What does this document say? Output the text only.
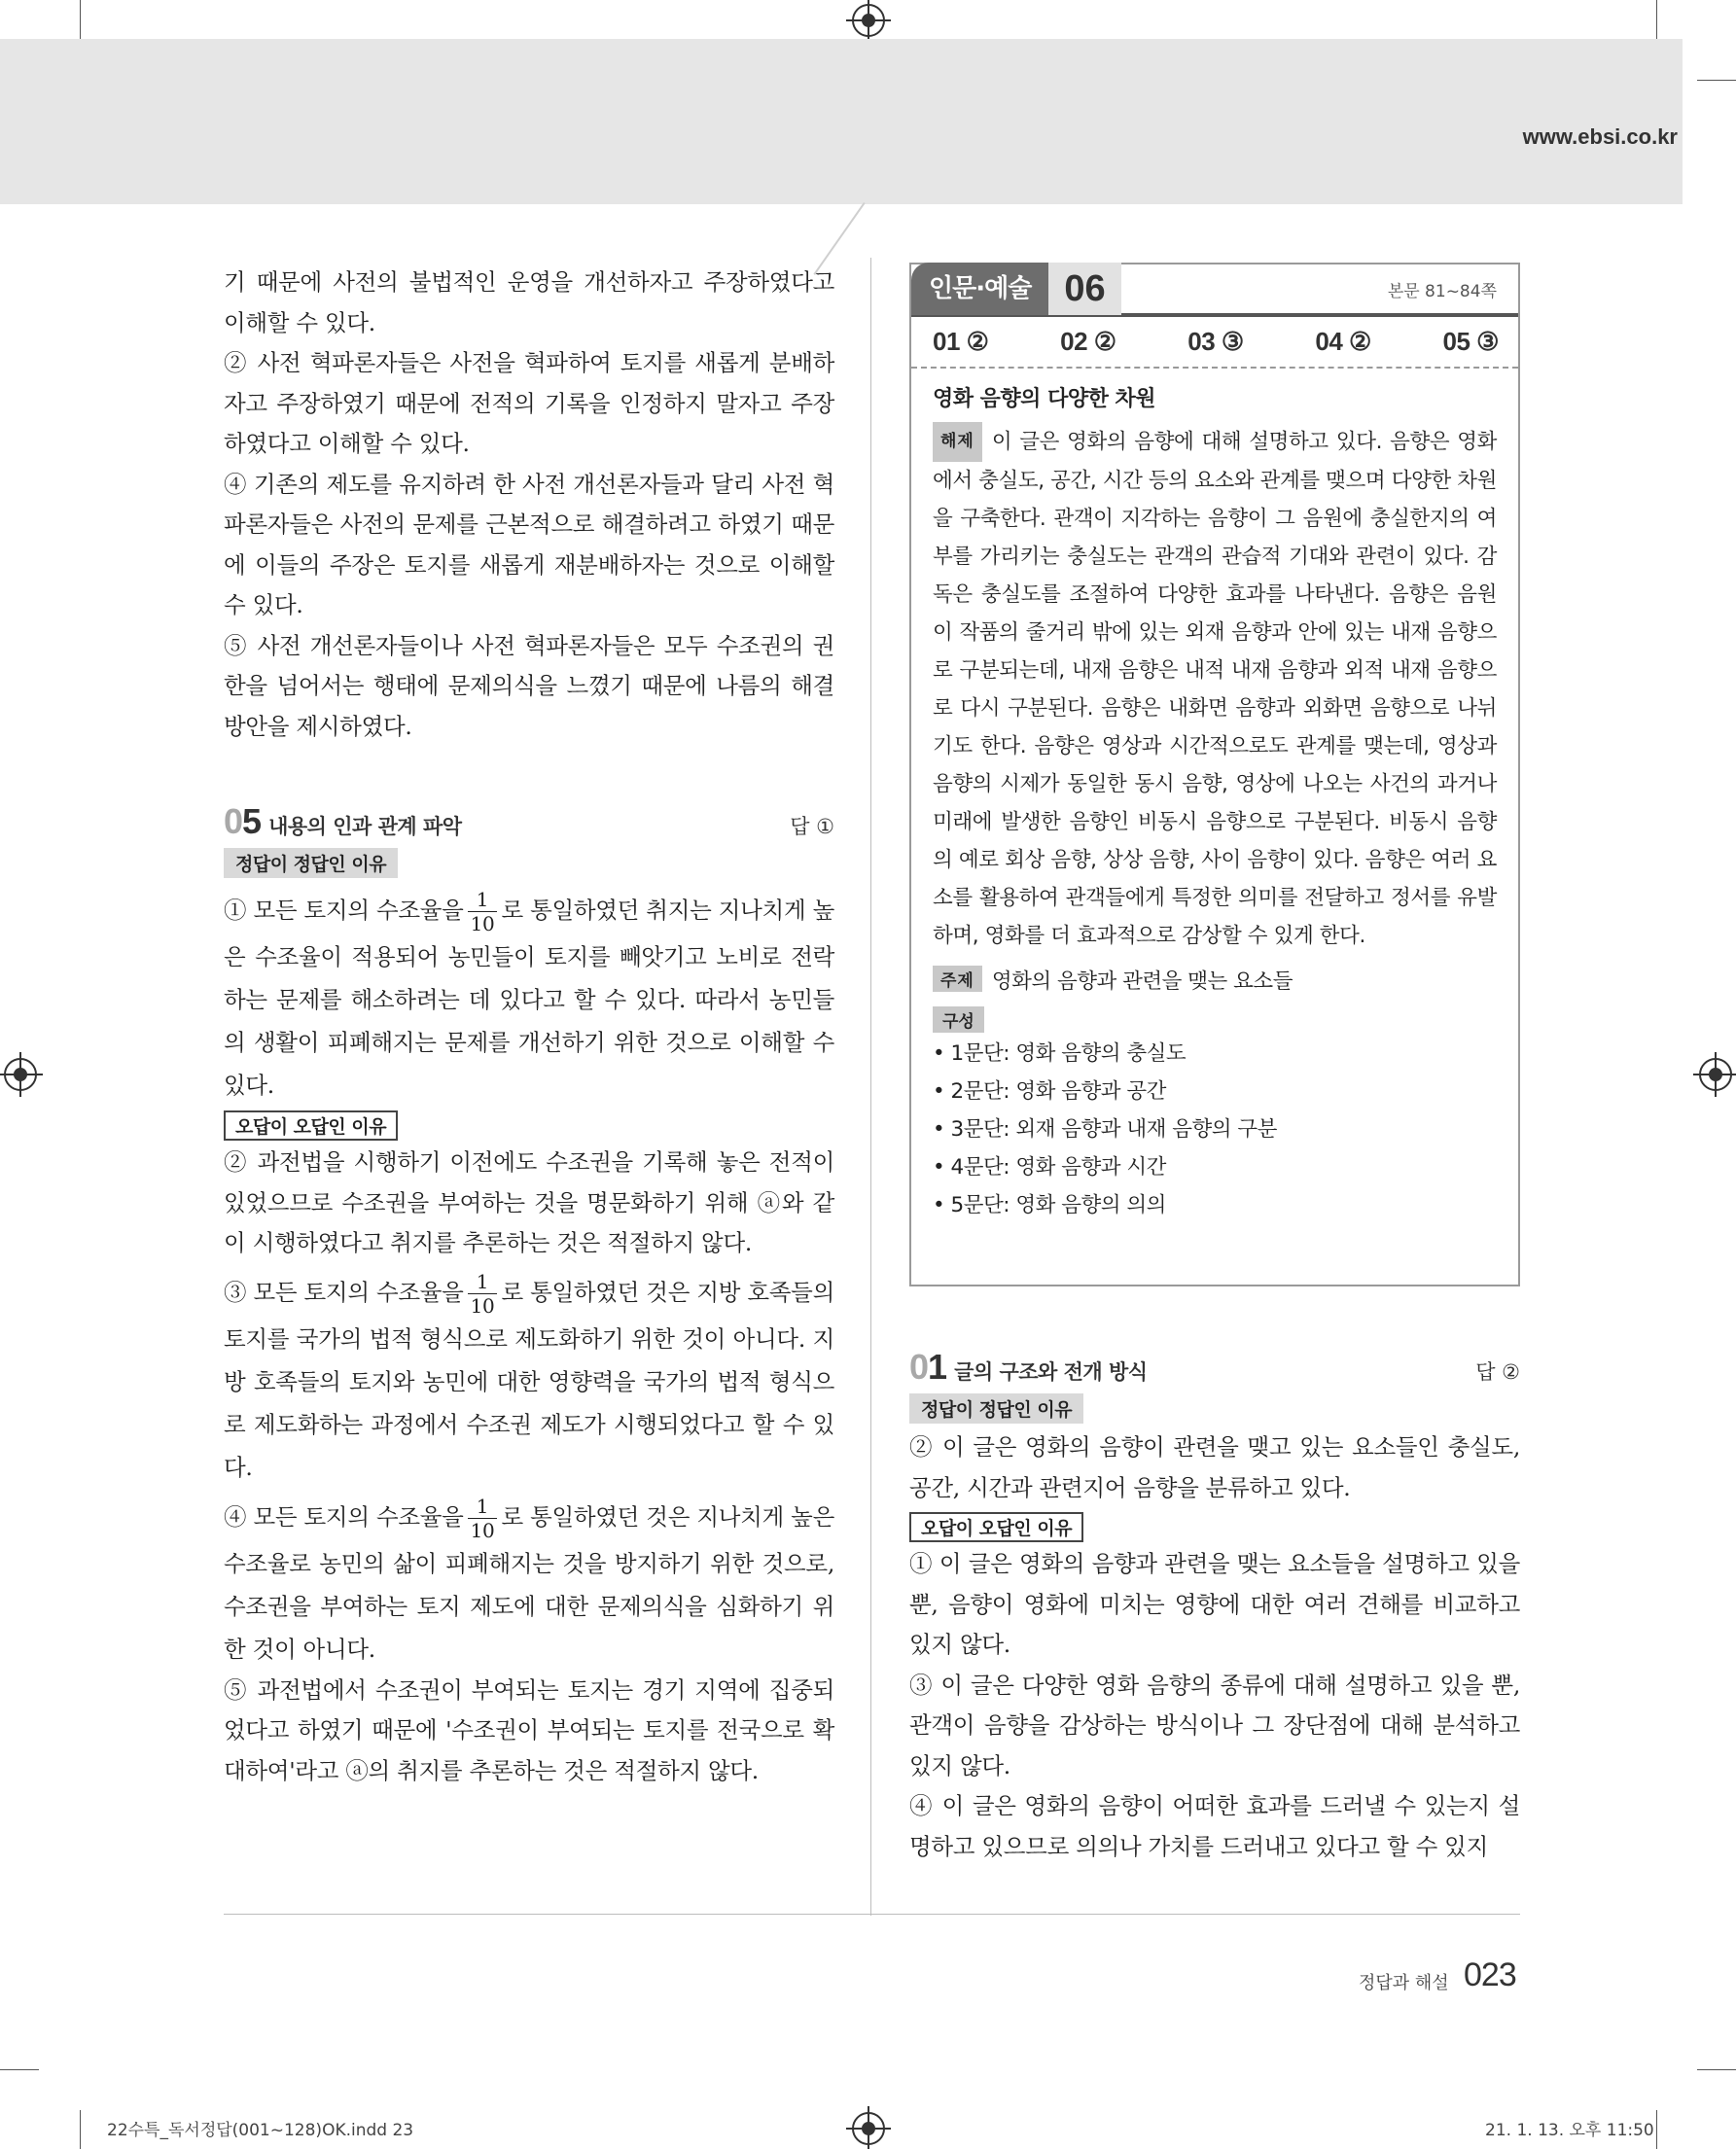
www.ebsi.co.kr

기 때문에 사전의 불법적인 운영을 개선하자고 주장하였다고 이해할 수 있다.

② 사전 혁파론자들은 사전을 혁파하여 토지를 새롭게 분배하자고 주장하였기 때문에 전적의 기록을 인정하지 말자고 주장하였다고 이해할 수 있다.

④ 기존의 제도를 유지하려 한 사전 개선론자들과 달리 사전 혁파론자들은 사전의 문제를 근본적으로 해결하려고 하였기 때문에 이들의 주장은 토지를 새롭게 재분배하자는 것으로 이해할 수 있다.

⑤ 사전 개선론자들이나 사전 혁파론자들은 모두 수조권의 권한을 넘어서는 행태에 문제의식을 느꼈기 때문에 나름의 해결 방안을 제시하였다.

05 내용의 인과 관계 파악	답 ①
정답이 정답인 이유

① 모든 토지의 수조율을 $\frac{1}{10}$ 로 통일하였던 취지는 지나치게 높은 수조율이 적용되어 농민들이 토지를 빼앗기고 노비로 전락하는 문제를 해소하려는 데 있다고 할 수 있다. 따라서 농민들의 생활이 피폐해지는 문제를 개선하기 위한 것으로 이해할 수 있다.

오답이 오답인 이유

② 과전법을 시행하기 이전에도 수조권을 기록해 놓은 전적이 있었으므로 수조권을 부여하는 것을 명문화하기 위해 ⓐ와 같이 시행하였다고 취지를 추론하는 것은 적절하지 않다.

③ 모든 토지의 수조율을 $\frac{1}{10}$ 로 통일하였던 것은 지방 호족들의 토지를 국가의 법적 형식으로 제도화하기 위한 것이 아니다. 지방 호족들의 토지와 농민에 대한 영향력을 국가의 법적 형식으로 제도화하는 과정에서 수조권 제도가 시행되었다고 할 수 있다.

④ 모든 토지의 수조율을 $\frac{1}{10}$ 로 통일하였던 것은 지나치게 높은 수조율로 농민의 삶이 피폐해지는 것을 방지하기 위한 것으로, 수조권을 부여하는 토지 제도에 대한 문제의식을 심화하기 위한 것이 아니다.

⑤ 과전법에서 수조권이 부여되는 토지는 경기 지역에 집중되었다고 하였기 때문에 '수조권이 부여되는 토지를 전국으로 확대하여'라고 ⓐ의 취지를 추론하는 것은 적절하지 않다.

인문·예술 06	본문 81~84쪽
01 ②	02 ②	03 ③	04 ②	05 ③
영화 음향의 다양한 차원

해제 이 글은 영화의 음향에 대해 설명하고 있다. 음향은 영화에서 충실도, 공간, 시간 등의 요소와 관계를 맺으며 다양한 차원을 구축한다. 관객이 지각하는 음향이 그 음원에 충실한지의 여부를 가리키는 충실도는 관객의 관습적 기대와 관련이 있다. 감독은 충실도를 조절하여 다양한 효과를 나타낸다. 음향은 음원이 작품의 줄거리 밖에 있는 외재 음향과 안에 있는 내재 음향으로 구분되는데, 내재 음향은 내적 내재 음향과 외적 내재 음향으로 다시 구분된다. 음향은 내화면 음향과 외화면 음향으로 나뉘기도 한다. 음향은 영상과 시간적으로도 관계를 맺는데, 영상과 음향의 시제가 동일한 동시 음향, 영상에 나오는 사건의 과거나 미래에 발생한 음향인 비동시 음향으로 구분된다. 비동시 음향의 예로 회상 음향, 상상 음향, 사이 음향이 있다. 음향은 여러 요소를 활용하여 관객들에게 특정한 의미를 전달하고 정서를 유발하며, 영화를 더 효과적으로 감상할 수 있게 한다.

주제 영화의 음향과 관련을 맺는 요소들
구성
• 1문단: 영화 음향의 충실도
• 2문단: 영화 음향과 공간
• 3문단: 외재 음향과 내재 음향의 구분
• 4문단: 영화 음향과 시간
• 5문단: 영화 음향의 의의
01 글의 구조와 전개 방식	답 ②
정답이 정답인 이유

② 이 글은 영화의 음향이 관련을 맺고 있는 요소들인 충실도, 공간, 시간과 관련지어 음향을 분류하고 있다.

오답이 오답인 이유

① 이 글은 영화의 음향과 관련을 맺는 요소들을 설명하고 있을 뿐, 음향이 영화에 미치는 영향에 대한 여러 견해를 비교하고 있지 않다.

③ 이 글은 다양한 영화 음향의 종류에 대해 설명하고 있을 뿐, 관객이 음향을 감상하는 방식이나 그 장단점에 대해 분석하고 있지 않다.

④ 이 글은 영화의 음향이 어떠한 효과를 드러낼 수 있는지 설명하고 있으므로 의의나 가치를 드러내고 있다고 할 수 있지

정답과 해설 023
22수특_독서정답(001~128)OK.indd 23	21. 1. 13. 오후 11:50
